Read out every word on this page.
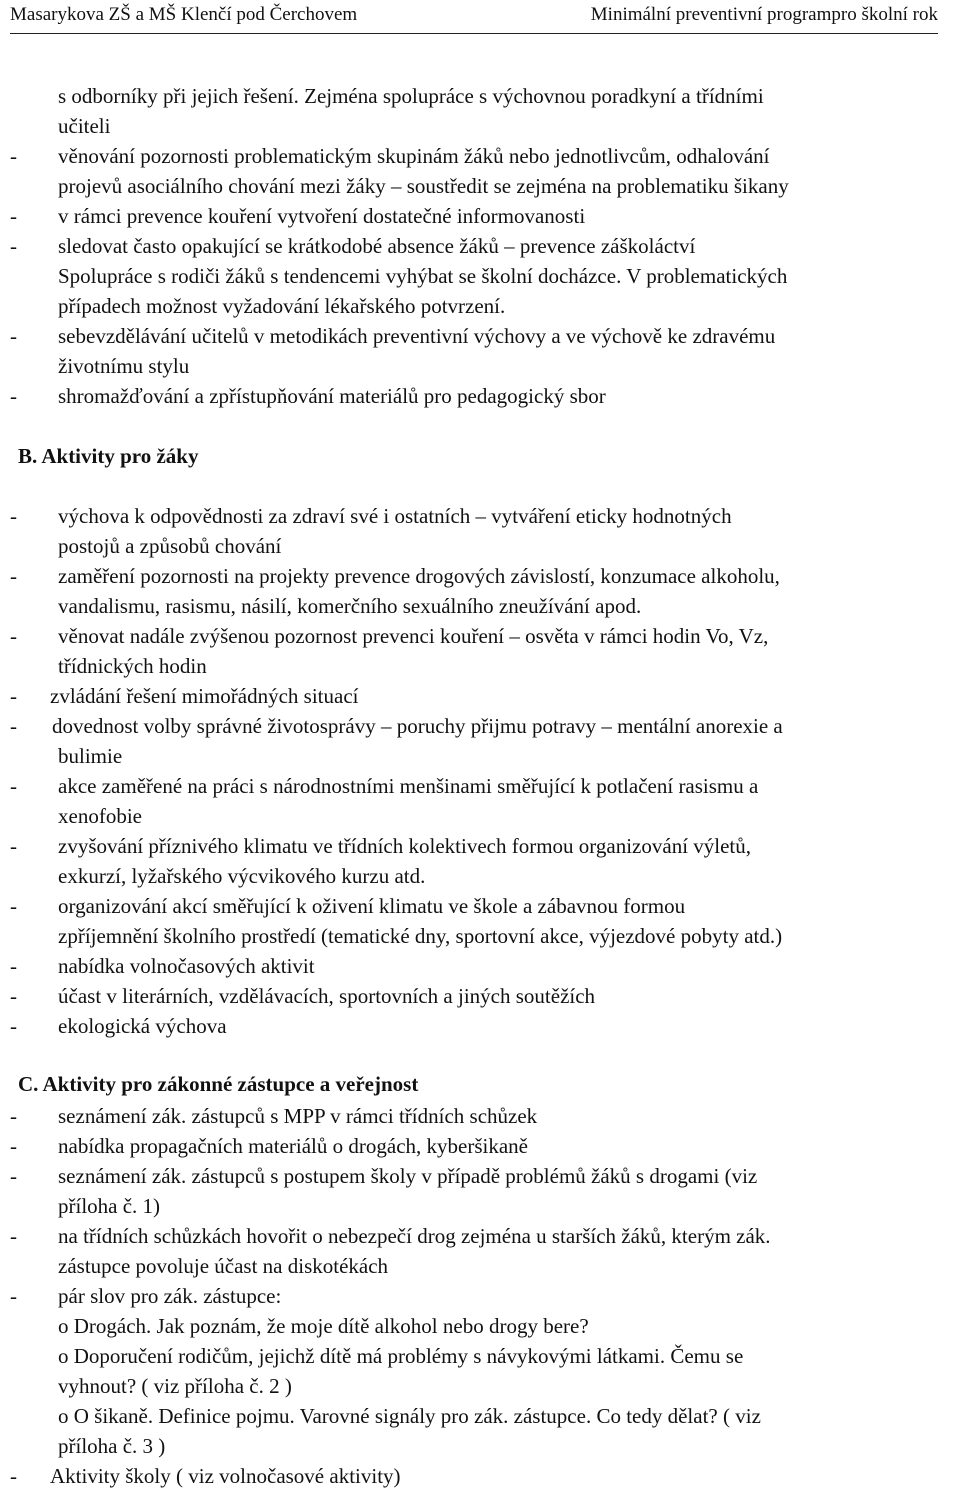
Masarykova ZŠ a MŠ Klenčí pod Čerchovem	Minimální preventivní programpro školní rok
B. Aktivity pro žáky
C. Aktivity pro zákonné zástupce a veřejnost
s odborníky při jejich řešení. Zejména spolupráce s výchovnou poradkyní a třídními
učiteli
- věnování pozornosti problematickým skupinám žáků nebo jednotlivcům, odhalování
projevů asociálního chování mezi žáky – soustředit se zejména na problematiku šikany
- v rámci prevence kouření vytvoření dostatečné informovanosti
- sledovat často opakující se krátkodobé absence žáků – prevence záškoláctví
Spolupráce s rodiči žáků s tendencemi vyhýbat se školní docházce. V problematických
případech možnost vyžadování lékařského potvrzení.
- sebevzdělávání učitelů v metodikách preventivní výchovy a ve výchově ke zdravému
životnímu stylu
- shromažďování a zpřístupňování materiálů pro pedagogický sbor
- výchova k odpovědnosti za zdraví své i ostatních – vytváření eticky hodnotných
postojů a způsobů chování
- zaměření pozornosti na projekty prevence drogových závislostí, konzumace alkoholu,
vandalismu, rasismu, násilí, komerčního sexuálního zneužívání apod.
- věnovat nadále zvýšenou pozornost prevenci kouření – osvěta v rámci hodin Vo, Vz,
třídnických hodin
- zvládání řešení mimořádných situací
- dovednost volby správné životosprávy – poruchy přijmu potravy – mentální anorexie a
bulimie
- akce zaměřené na práci s národnostními menšinami směřující k potlačení rasismu a
xenofobie
- zvyšování příznivého klimatu ve třídních kolektivech formou organizování výletů,
exkurzí, lyžařského výcvikového kurzu atd.
- organizování akcí směřující k oživení klimatu ve škole a zábavnou formou
zpříjemnění školního prostředí (tematické dny, sportovní akce, výjezdové pobyty atd.)
- nabídka volnočasových aktivit
- účast v literárních, vzdělávacích, sportovních a jiných soutěžích
- ekologická výchova
- seznámení zák. zástupců s MPP v rámci třídních schůzek
- nabídka propagačních materiálů o drogách, kyberšikaně
- seznámení zák. zástupců s postupem školy v případě problémů žáků s drogami (viz
příloha č. 1)
- na třídních schůzkách hovořit o nebezpečí drog zejména u starších žáků, kterým zák.
zástupce povoluje účast na diskotékách
- pár slov pro zák. zástupce:
o Drogách. Jak poznám, že moje dítě alkohol nebo drogy bere?
o Doporučení rodičům, jejichž dítě má problémy s návykovými látkami. Čemu se
vyhnout? ( viz příloha č. 2 )
o O šikaně. Definice pojmu. Varovné signály pro zák. zástupce. Co tedy dělat? ( viz
příloha č. 3 )
- Aktivity školy ( viz volnočasové aktivity)
